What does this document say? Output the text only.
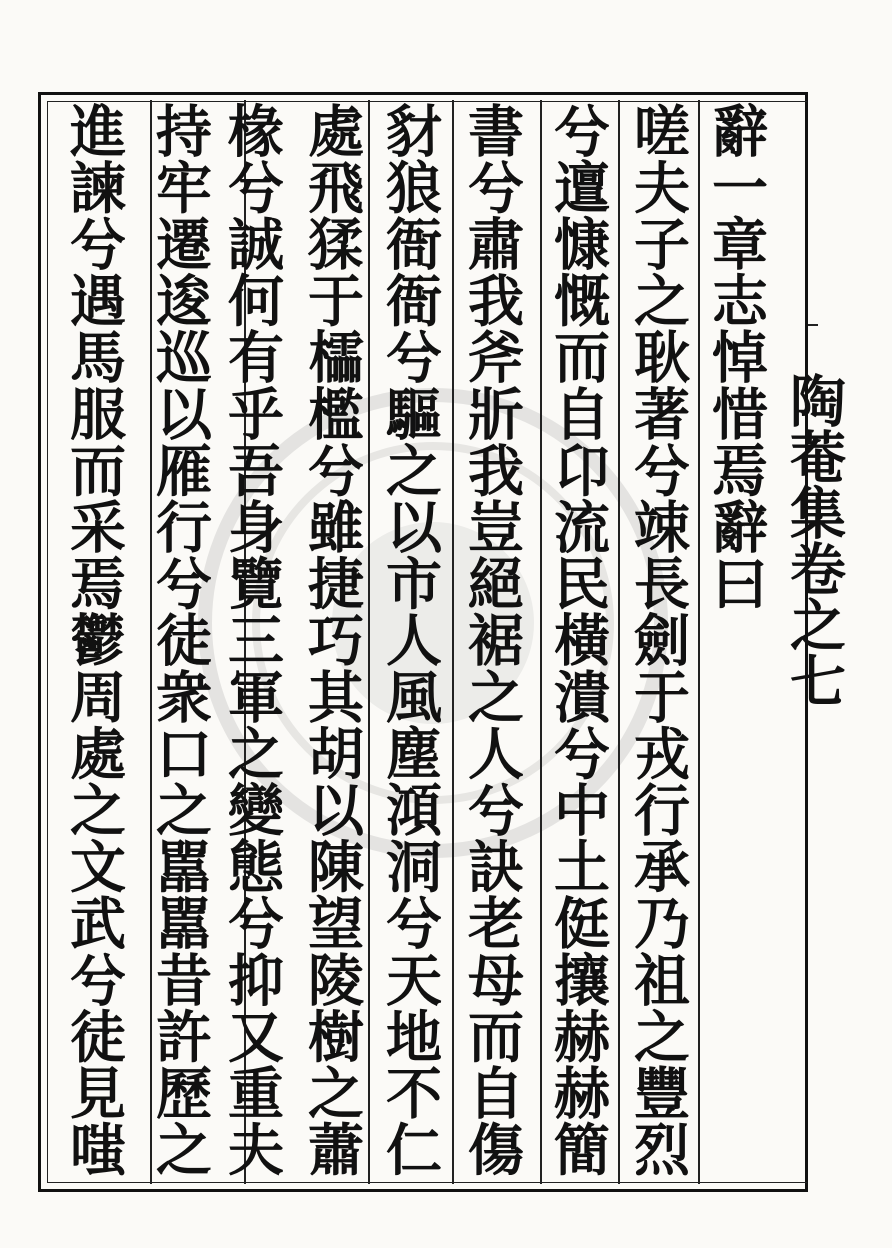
辭一章志悼惜焉辭曰
嗟夫子之耿著兮竦長劍于戎行承乃祖之豐烈
兮邅慷慨而自卬流民橫潰兮中土侹攘赫赫簡
書兮肅我斧斨我豈絕裾之人兮訣老母而自傷
豺狼衙衙兮驅之以市人風塵澒洞兮天地不仁
處飛猱于櫺檻兮雖捷巧其胡以陳望陵樹之蕭
椽兮誠何有乎吾身覽三軍之變態兮抑又重夫
持牢遷逡巡以雁行兮徒衆口之嚚嚚昔許歷之
進諫兮遇馬服而采焉鬱周處之文武兮徒見嗤	陶菴集卷之七
